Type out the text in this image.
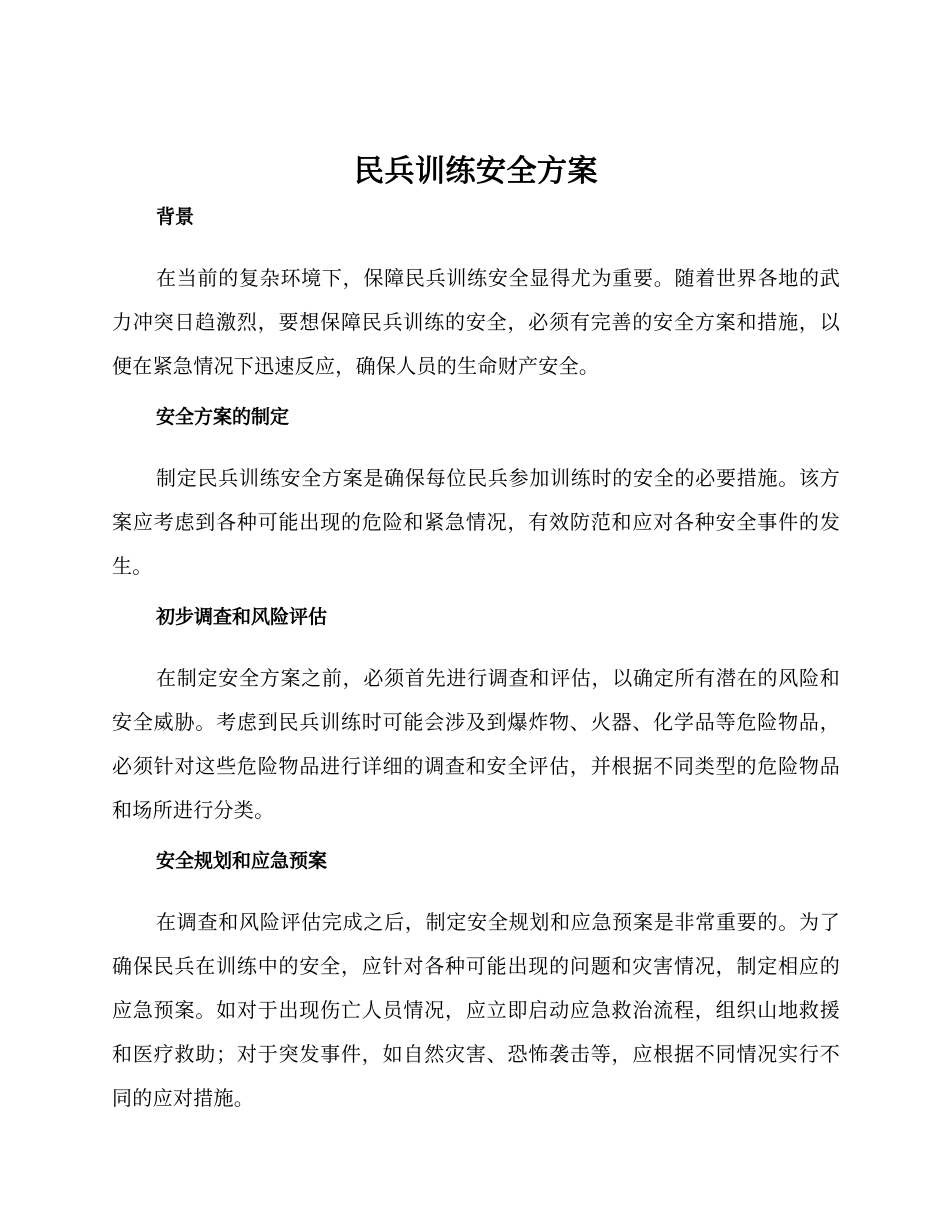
民兵训练安全方案
背景

在当前的复杂环境下，保障民兵训练安全显得尤为重要。随着世界各地的武力冲突日趋激烈，要想保障民兵训练的安全，必须有完善的安全方案和措施，以便在紧急情况下迅速反应，确保人员的生命财产安全。

安全方案的制定

制定民兵训练安全方案是确保每位民兵参加训练时的安全的必要措施。该方案应考虑到各种可能出现的危险和紧急情况，有效防范和应对各种安全事件的发生。

初步调查和风险评估

在制定安全方案之前，必须首先进行调查和评估，以确定所有潜在的风险和安全威胁。考虑到民兵训练时可能会涉及到爆炸物、火器、化学品等危险物品，必须针对这些危险物品进行详细的调查和安全评估，并根据不同类型的危险物品和场所进行分类。

安全规划和应急预案

在调查和风险评估完成之后，制定安全规划和应急预案是非常重要的。为了确保民兵在训练中的安全，应针对各种可能出现的问题和灾害情况，制定相应的应急预案。如对于出现伤亡人员情况，应立即启动应急救治流程，组织山地救援和医疗救助；对于突发事件，如自然灾害、恐怖袭击等，应根据不同情况实行不同的应对措施。
